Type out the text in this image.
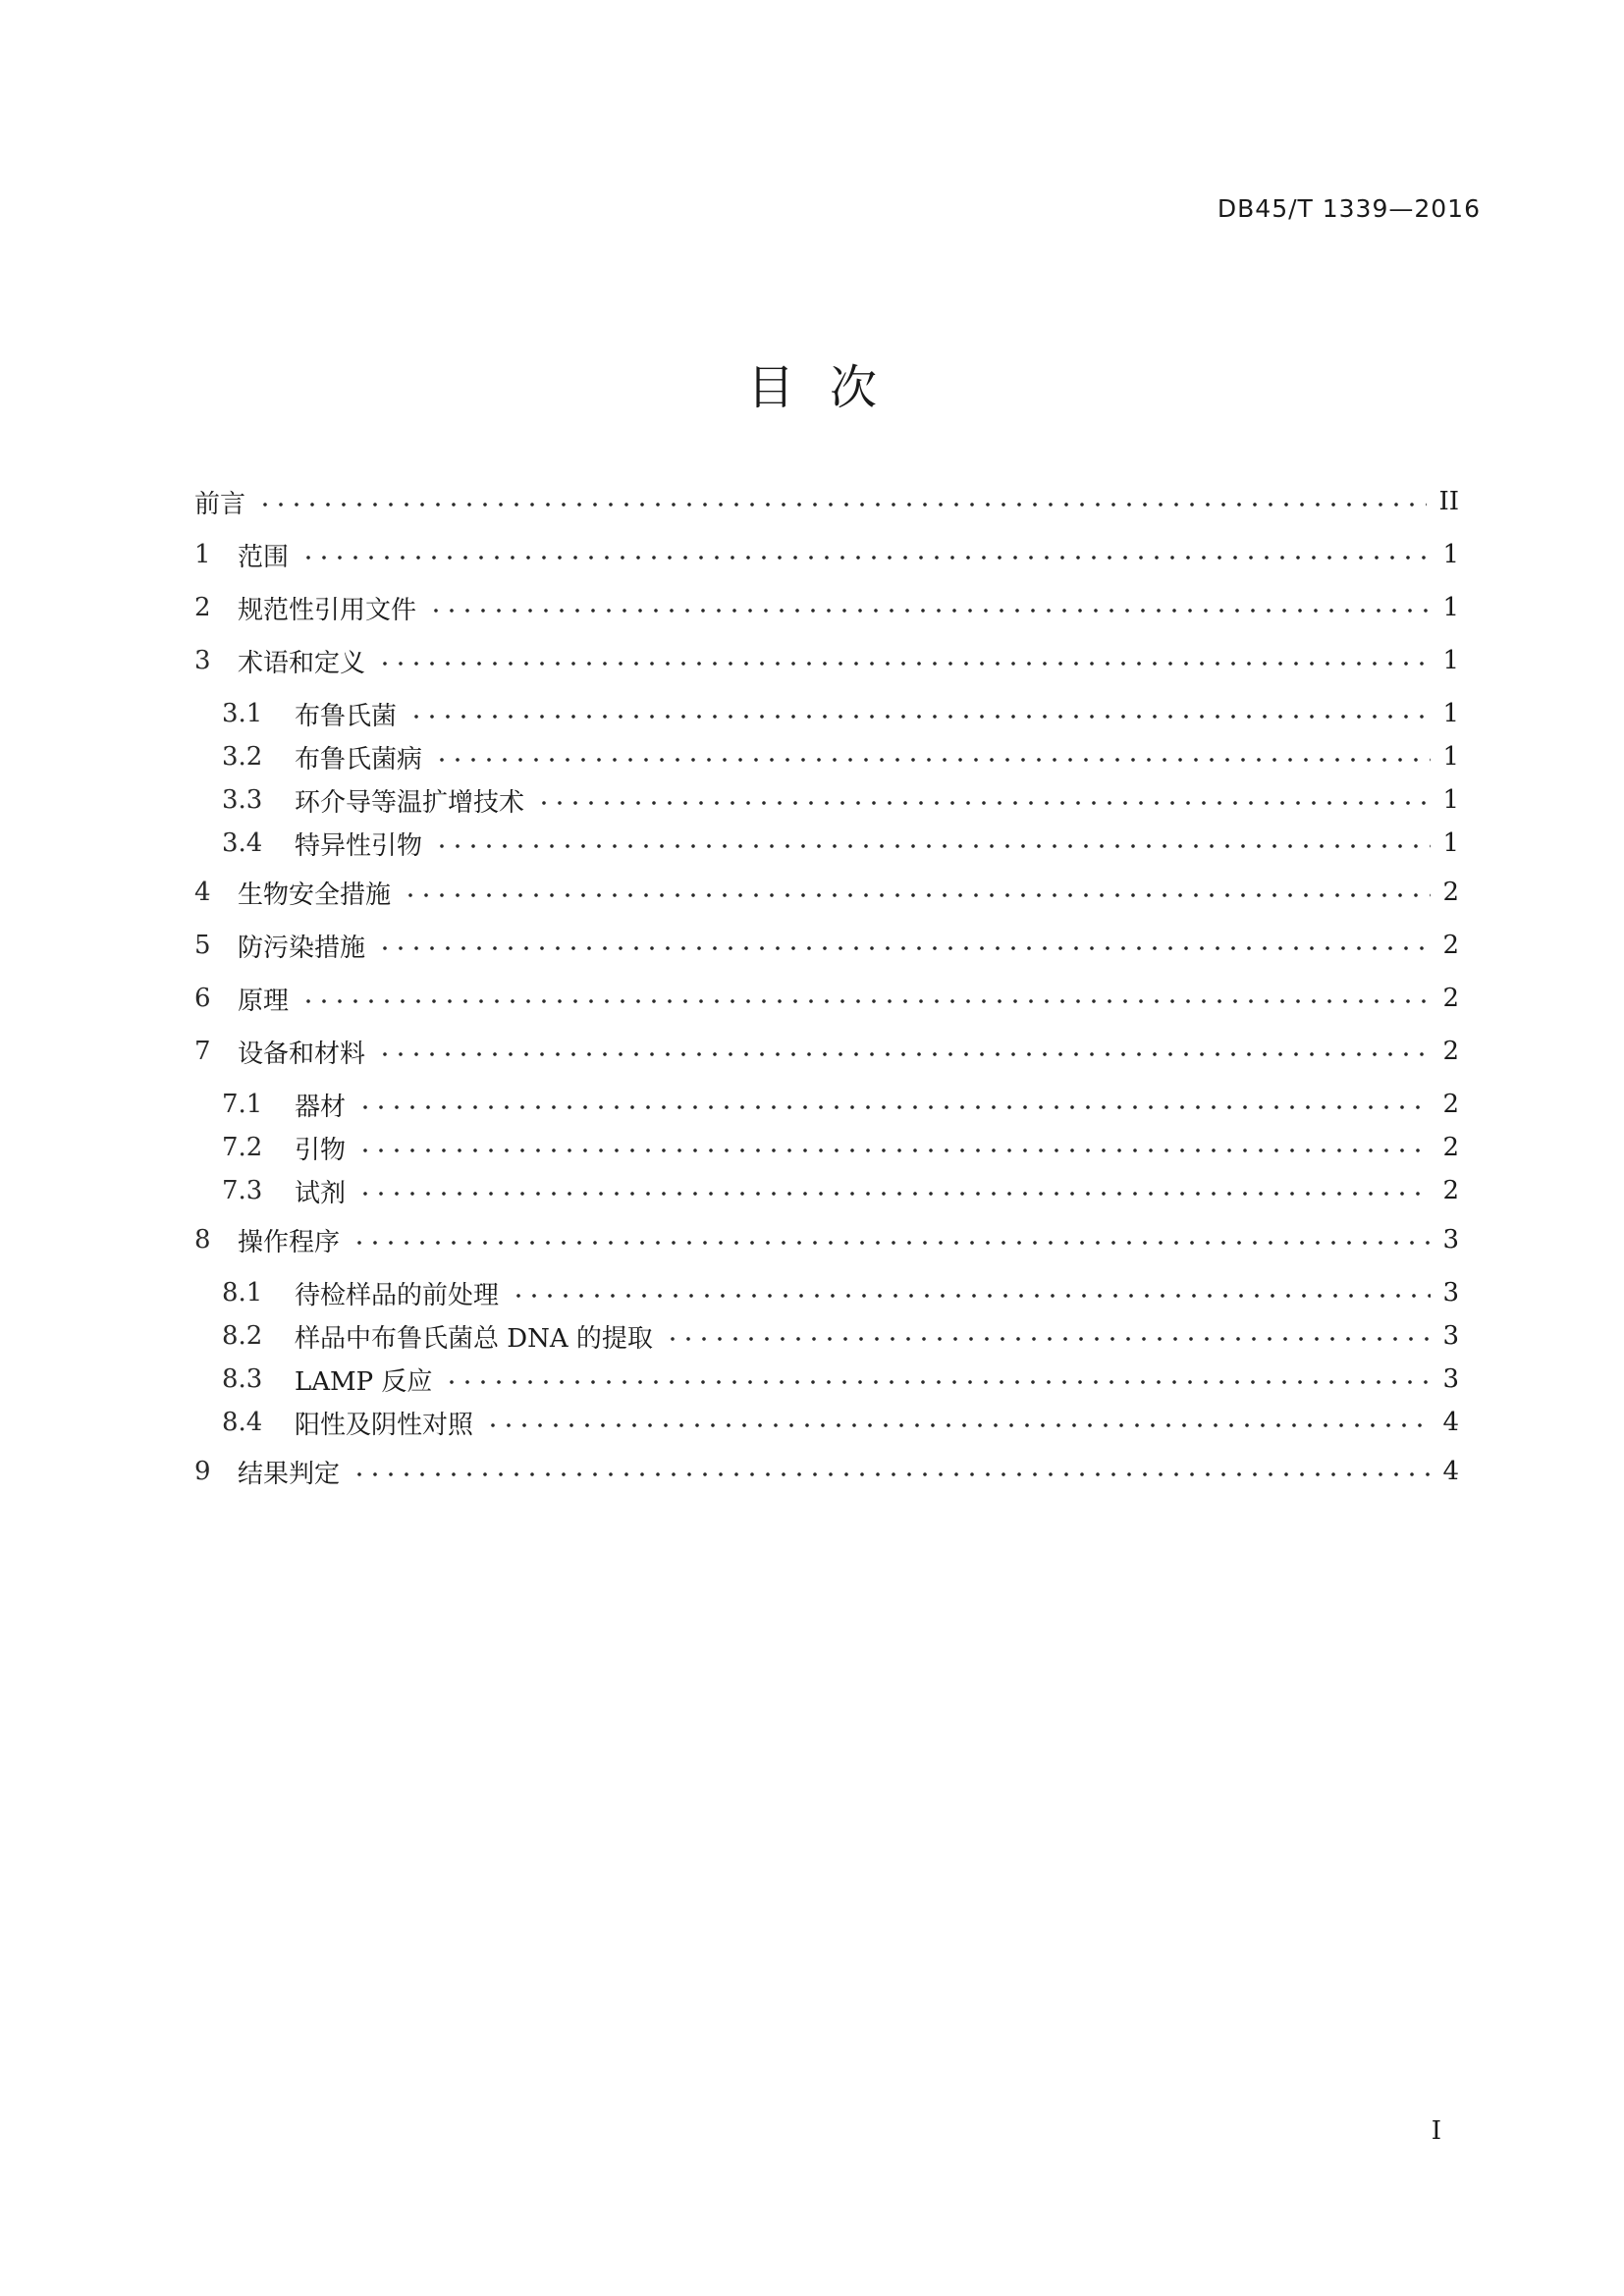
DB45/T 1339—2016
目次
前言	II
1	范围	1
2	规范性引用文件	1
3	术语和定义	1
3.1	布鲁氏菌	1
3.2	布鲁氏菌病	1
3.3	环介导等温扩增技术	1
3.4	特异性引物	1
4	生物安全措施	2
5	防污染措施	2
6	原理	2
7	设备和材料	2
7.1	器材	2
7.2	引物	2
7.3	试剂	2
8	操作程序	3
8.1	待检样品的前处理	3
8.2	样品中布鲁氏菌总 DNA 的提取	3
8.3	LAMP 反应	3
8.4	阳性及阴性对照	4
9	结果判定	4
I
